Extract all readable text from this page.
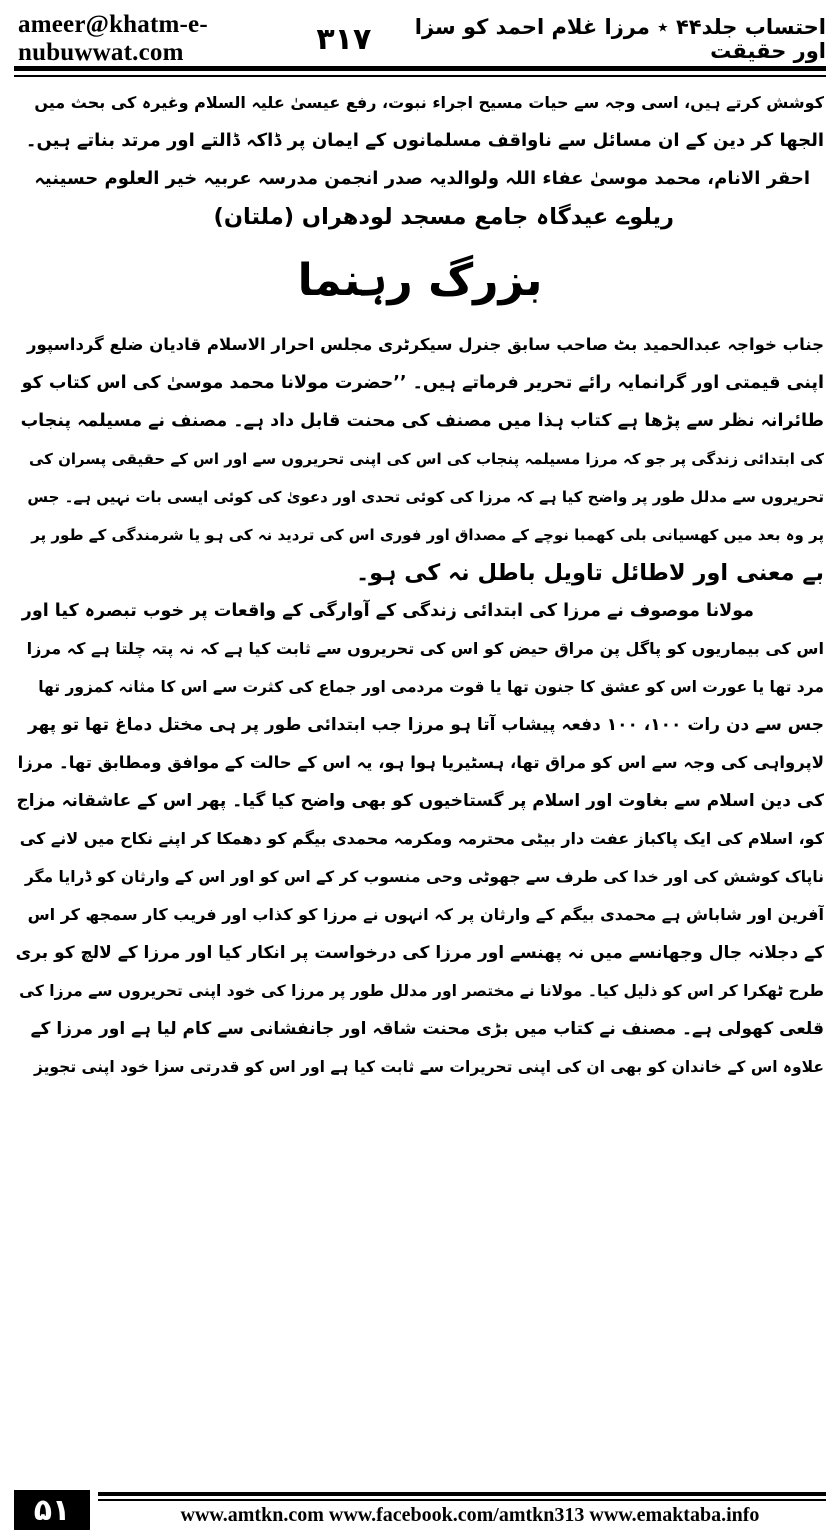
ameer@khatm-e-nubuwwat.com
احتساب جلد۴۴ ٭ مرزا غلام احمد کو سزا اور حقیقت
۳۱۷

کوشش کرتے ہیں، اسی وجہ سے حیات مسیح اجراء نبوت، رفع عیسیٰ علیہ السلام وغیرہ کی بحث میں
الجھا کر دین کے ان مسائل سے ناواقف مسلمانوں کے ایمان پر ڈاکہ ڈالتے اور مرتد بناتے ہیں۔

احقر الانام، محمد موسیٰ عفاء اللہ ولوالدیہ صدر انجمن مدرسہ عربیہ خیر العلوم حسینیہ
ریلوے عیدگاہ جامع مسجد لودھراں (ملتان)

بزرگ رہنما

جناب خواجہ عبدالحمید بٹ صاحب سابق جنرل سیکرٹری مجلس احرار الاسلام قادیان ضلع گرداسپور
اپنی قیمتی اور گرانمایہ رائے تحریر فرماتے ہیں۔ ’’حضرت مولانا محمد موسیٰ کی اس کتاب کو
طائرانہ نظر سے پڑھا ہے کتاب ہذا میں مصنف کی محنت قابل داد ہے۔ مصنف نے مسیلمہ پنجاب
کی ابتدائی زندگی پر جو کہ مرزا مسیلمہ پنجاب کی اس کی اپنی تحریروں سے اور اس کے حقیقی پسران کی
تحریروں سے مدلل طور پر واضح کیا ہے کہ مرزا کی کوئی تحدی اور دعویٰ کی کوئی ایسی بات نہیں ہے۔ جس
پر وہ بعد میں کھسیانی بلی کھمبا نوچے کے مصداق اور فوری اس کی تردید نہ کی ہو یا شرمندگی کے طور پر
بے معنی اور لاطائل تاویل باطل نہ کی ہو۔

مولانا موصوف نے مرزا کی ابتدائی زندگی کے آوارگی کے واقعات پر خوب تبصرہ کیا اور
اس کی بیماریوں کو پاگل پن مراق حیض کو اس کی تحریروں سے ثابت کیا ہے کہ نہ پتہ چلتا ہے کہ مرزا
مرد تھا یا عورت اس کو عشق کا جنون تھا یا قوت مردمی اور جماع کی کثرت سے اس کا مثانہ کمزور تھا
جس سے دن رات ۱۰۰، ۱۰۰ دفعہ پیشاب آتا ہو مرزا جب ابتدائی طور پر ہی مختل دماغ تھا تو پھر
لاپرواہی کی وجہ سے اس کو مراق تھا، ہسٹیریا ہوا ہو، یہ اس کے حالت کے موافق ومطابق تھا۔ مرزا
کی دین اسلام سے بغاوت اور اسلام پر گستاخیوں کو بھی واضح کیا گیا۔ پھر اس کے عاشقانہ مزاج
کو، اسلام کی ایک پاکباز عفت دار بیٹی محترمہ ومکرمہ محمدی بیگم کو دھمکا کر اپنے نکاح میں لانے کی
ناپاک کوشش کی اور خدا کی طرف سے جھوٹی وحی منسوب کر کے اس کو اور اس کے وارثان کو ڈرایا مگر
آفرین اور شاباش ہے محمدی بیگم کے وارثان پر کہ انہوں نے مرزا کو کذاب اور فریب کار سمجھ کر اس
کے دجلانہ جال وجھانسے میں نہ پھنسے اور مرزا کی درخواست پر انکار کیا اور مرزا کے لالچ کو بری
طرح ٹھکرا کر اس کو ذلیل کیا۔ مولانا نے مختصر اور مدلل طور پر مرزا کی خود اپنی تحریروں سے مرزا کی
قلعی کھولی ہے۔ مصنف نے کتاب میں بڑی محنت شاقہ اور جانفشانی سے کام لیا ہے اور مرزا کے
علاوہ اس کے خاندان کو بھی ان کی اپنی تحریرات سے ثابت کیا ہے اور اس کو قدرتی سزا خود اپنی تجویز

۵۱	www.amtkn.com www.facebook.com/amtkn313 www.emaktaba.info
